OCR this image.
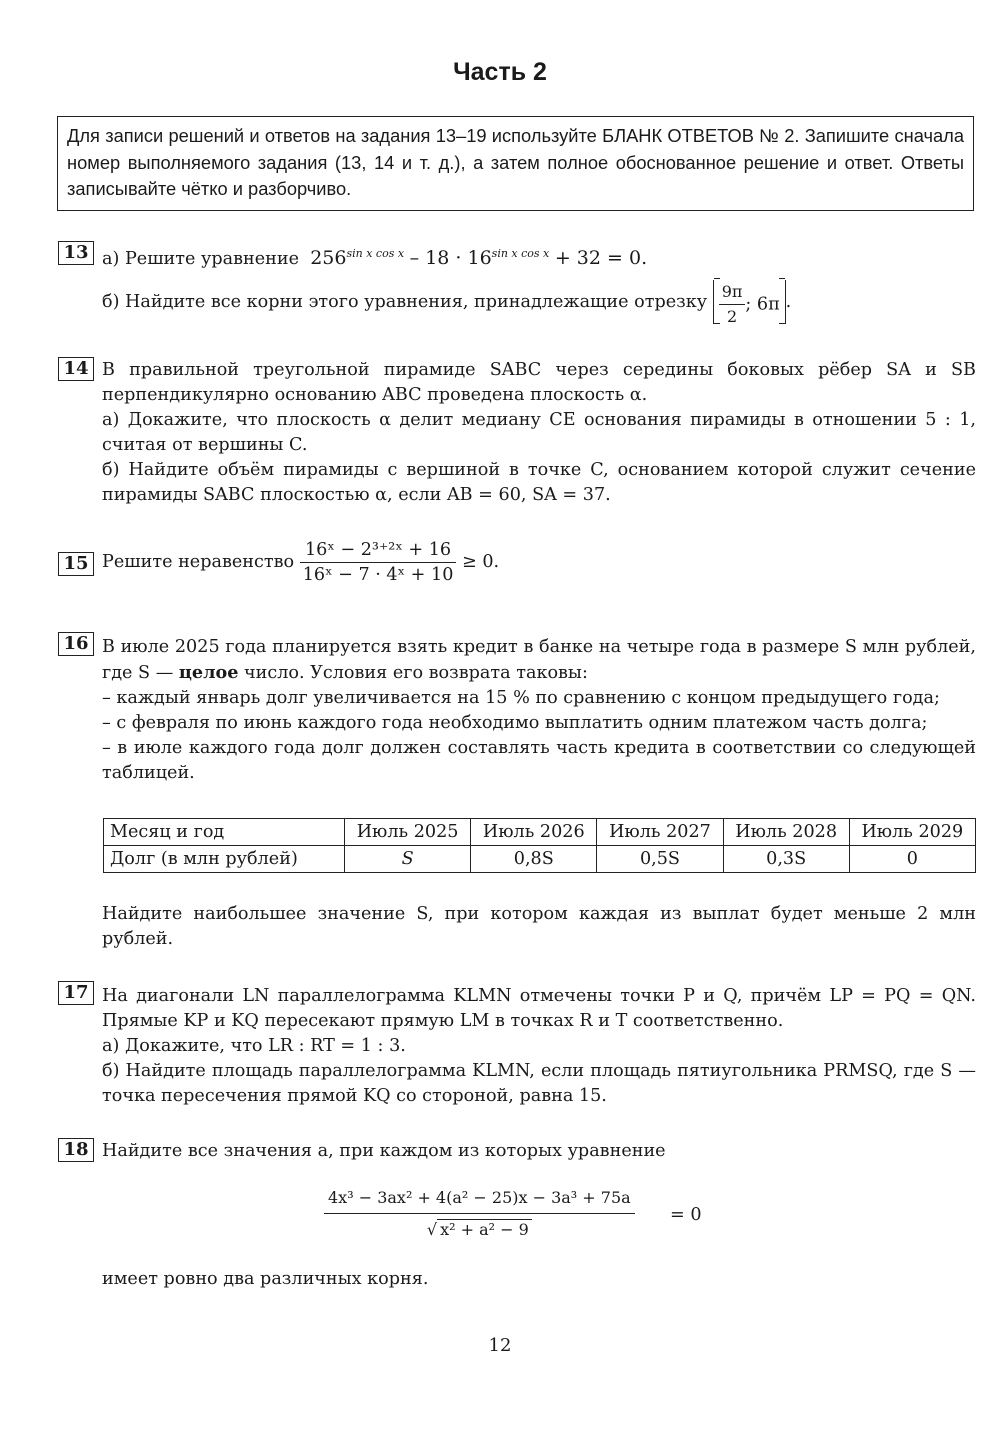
Часть 2
Для записи решений и ответов на задания 13–19 используйте БЛАНК ОТВЕТОВ № 2. Запишите сначала номер выполняемого задания (13, 14 и т. д.), а затем полное обоснованное решение и ответ. Ответы записывайте чётко и разборчиво.
13 а) Решите уравнение $256^{sin x cos x} - 18 \cdot 16^{sin x cos x} + 32 = 0$.
б) Найдите все корни этого уравнения, принадлежащие отрезку $\frac{9\pi}{2}$ ; 6π .
14 В правильной треугольной пирамиде SABC через середины боковых рёбер SA и SB перпендикулярно основанию ABC проведена плоскость α.
а) Докажите, что плоскость α делит медиану CE основания пирамиды в отношении 5 : 1, считая от вершины C.
б) Найдите объём пирамиды с вершиной в точке C, основанием которой служит сечение пирамиды SABC плоскостью α, если AB = 60, SA = 37.
15 Решите неравенство $\frac{\text{16ˣ − 2³⁺²ˣ + 16}}{\text{16ˣ − 7 · 4ˣ + 10}} \ge 0$.
16 В июле 2025 года планируется взять кредит в банке на четыре года в размере S млн рублей, где S — целое число. Условия его возврата таковы:
– каждый январь долг увеличивается на 15 % по сравнению с концом предыдущего года;
– с февраля по июнь каждого года необходимо выплатить одним платежом часть долга;
– в июле каждого года долг должен составлять часть кредита в соответствии со следующей таблицей.
Месяц и год	Июль 2025	Июль 2026	Июль 2027	Июль 2028	Июль 2029
Долг (в млн рублей)	S	0,8S	0,5S	0,3S	0
Найдите наибольшее значение S, при котором каждая из выплат будет меньше 2 млн рублей.
17 На диагонали LN параллелограмма KLMN отмечены точки P и Q, причём LP = PQ = QN. Прямые KP и KQ пересекают прямую LM в точках R и T соответственно.
а) Докажите, что LR : RT = 1 : 3.
б) Найдите площадь параллелограмма KLMN, если площадь пятиугольника PRMSQ, где S — точка пересечения прямой KQ со стороной, равна 15.
18 Найдите все значения a, при каждом из которых уравнение
$\frac{\text{4x³ − 3ax² + 4(a² − 25)x − 3a³ + 75a}}{\text{√ x² + a² − 9}} = 0$
имеет ровно два различных корня.
12
